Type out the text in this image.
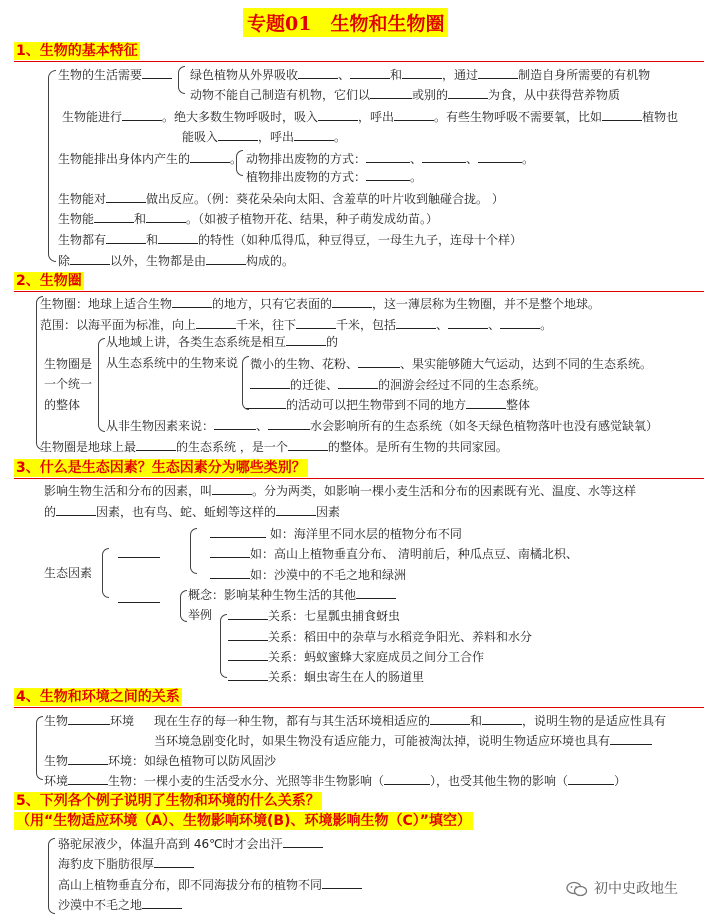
专题01　生物和生物圈
1、生物的基本特征
生物的生活需要	绿色植物从外界吸收	、	和	，通过	制造自身所需要的有机物
动物不能自己制造有机物，它们以	或别的	为食，从中获得营养物质
生物能进行	。绝大多数生物呼吸时，吸入	，呼出	。有些生物呼吸不需要氧，比如	植物也
能吸入	，呼出	。
生物能排出身体内产生的	。 动物排出废物的方式：	、	、	。
植物排出废物的方式：	。
生物能对	做出反应。（例：葵花朵朵向太阳、含羞草的叶片收到触碰合拢。 ）
生物能	和	。（如被子植物开花、结果，种子萌发成幼苗。）
生物都有	和	的特性（如种瓜得瓜，种豆得豆，一母生九子，连母十个样）
除	以外，生物都是由	构成的。
2、生物圈
生物圈：地球上适合生物	的地方，只有它表面的	，这一薄层称为生物圈，并不是整个地球。
范围：以海平面为标准，向上	千米，往下	千米，包括	、	、	。
生物圈是
一个统一
的整体
从地域上讲，各类生态系统是相互	的
从生态系统中的生物来说 微小的生物、花粉、	、果实能够随大气运动，达到不同的生态系统。
的迁徙、	的洄游会经过不同的生态系统。
的活动可以把生物带到不同的地方	整体
从非生物因素来说：	、	水会影响所有的生态系统（如冬天绿色植物落叶也没有感觉缺氧）
生物圈是地球上最	的生态系统 ，是一个	的整体。是所有生物的共同家园。
3、什么是生态因素？生态因素分为哪些类别？
影响生物生活和分布的因素，叫	。分为两类，如影响一棵小麦生活和分布的因素既有光、温度、水等这样
的	因素，也有鸟、蛇、蚯蚓等这样的	因素
生态因素
如：海洋里不同水层的植物分布不同
如：高山上植物垂直分布、 清明前后，种瓜点豆、南橘北枳、
如：沙漠中的不毛之地和绿洲
概念：影响某种生物生活的其他
举例	关系：七星瓢虫捕食蚜虫
关系：稻田中的杂草与水稻竞争阳光、养料和水分
关系：蚂蚁蜜蜂大家庭成员之间分工合作
关系：蛔虫寄生在人的肠道里
4、生物和环境之间的关系
生物	环境 现在生存的每一种生物，都有与其生活环境相适应的	和	，说明生物的是适应性具有
当环境急剧变化时，如果生物没有适应能力，可能被淘汰掉，说明生物适应环境也具有
生物	环境：如绿色植物可以防风固沙
环境	生物：一棵小麦的生活受水分、光照等非生物影响（	），也受其他生物的影响（	）
5、下列各个例子说明了生物和环境的什么关系？
（用“生物适应环境（A）、生物影响环境(B)、环境影响生物（C）”填空）
骆驼尿液少，体温升高到 46℃时才会出汗
海豹皮下脂肪很厚
高山上植物垂直分布，即不同海拔分布的植物不同
沙漠中不毛之地
初中史政地生
